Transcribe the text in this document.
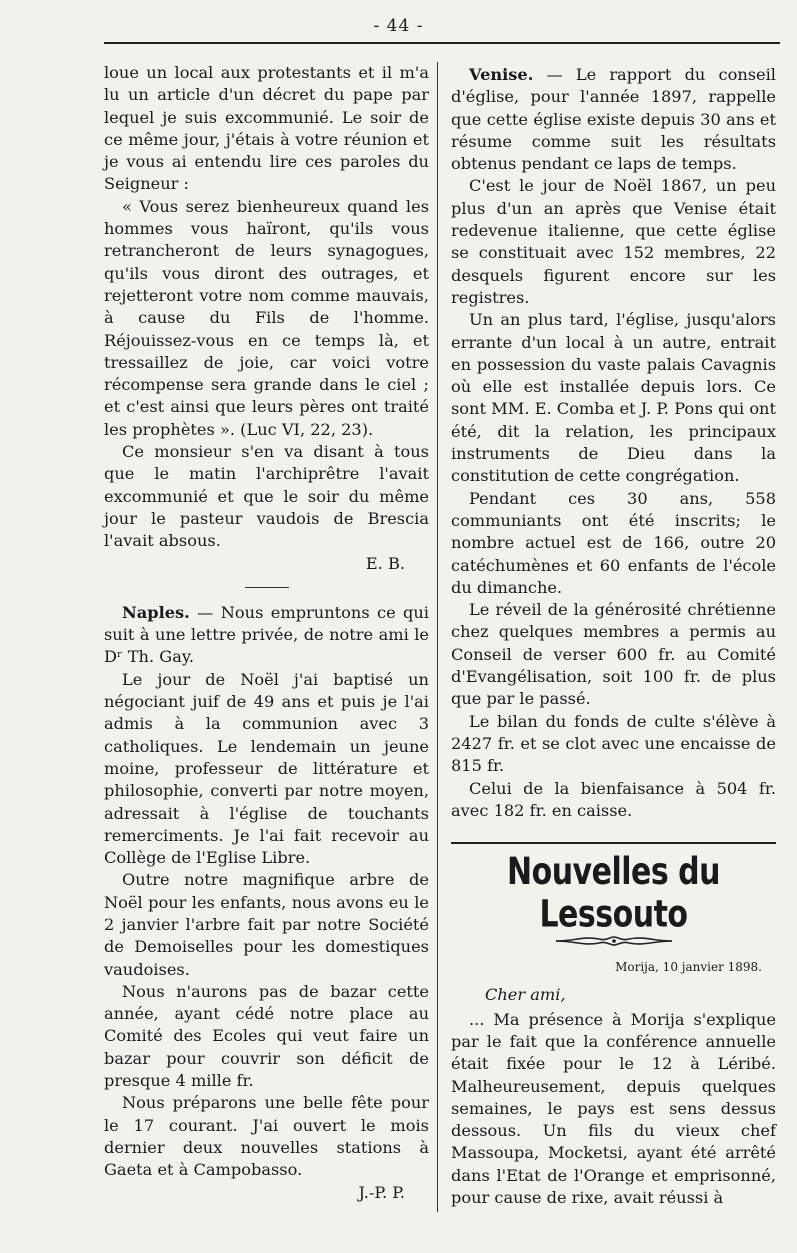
- 44 -

loue un local aux protestants et il m'a lu un article d'un décret du pape par lequel je suis excommunié. Le soir de ce même jour, j'étais à votre réunion et je vous ai entendu lire ces paroles du Seigneur :

« Vous serez bienheureux quand les hommes vous haïront, qu'ils vous retrancheront de leurs synagogues, qu'ils vous diront des outrages, et rejetteront votre nom comme mauvais, à cause du Fils de l'homme. Réjouissez-vous en ce temps là, et tressaillez de joie, car voici votre récompense sera grande dans le ciel ; et c'est ainsi que leurs pères ont traité les prophètes ». (Luc VI, 22, 23).

Ce monsieur s'en va disant à tous que le matin l'archiprêtre l'avait excommunié et que le soir du même jour le pasteur vaudois de Brescia l'avait absous.

E. B.

Naples. — Nous empruntons ce qui suit à une lettre privée, de notre ami le Dʳ Th. Gay.

Le jour de Noël j'ai baptisé un négociant juif de 49 ans et puis je l'ai admis à la communion avec 3 catholiques. Le lendemain un jeune moine, professeur de littérature et philosophie, converti par notre moyen, adressait à l'église de touchants remerciments. Je l'ai fait recevoir au Collège de l'Eglise Libre.

Outre notre magnifique arbre de Noël pour les enfants, nous avons eu le 2 janvier l'arbre fait par notre Société de Demoiselles pour les domestiques vaudoises.

Nous n'aurons pas de bazar cette année, ayant cédé notre place au Comité des Ecoles qui veut faire un bazar pour couvrir son déficit de presque 4 mille fr.

Nous préparons une belle fête pour le 17 courant. J'ai ouvert le mois dernier deux nouvelles stations à Gaeta et à Campobasso.

J.-P. P.

Venise. — Le rapport du conseil d'église, pour l'année 1897, rappelle que cette église existe depuis 30 ans et résume comme suit les résultats obtenus pendant ce laps de temps.

C'est le jour de Noël 1867, un peu plus d'un an après que Venise était redevenue italienne, que cette église se constituait avec 152 membres, 22 desquels figurent encore sur les registres.

Un an plus tard, l'église, jusqu'alors errante d'un local à un autre, entrait en possession du vaste palais Cavagnis où elle est installée depuis lors. Ce sont MM. E. Comba et J. P. Pons qui ont été, dit la relation, les principaux instruments de Dieu dans la constitution de cette congrégation.

Pendant ces 30 ans, 558 communiants ont été inscrits; le nombre actuel est de 166, outre 20 catéchumènes et 60 enfants de l'école du dimanche.

Le réveil de la générosité chrétienne chez quelques membres a permis au Conseil de verser 600 fr. au Comité d'Evangélisation, soit 100 fr. de plus que par le passé.

Le bilan du fonds de culte s'élève à 2427 fr. et se clot avec une encaisse de 815 fr.

Celui de la bienfaisance à 504 fr. avec 182 fr. en caisse.

Nouvelles du Lessouto

Morija, 10 janvier 1898.

Cher ami,

... Ma présence à Morija s'explique par le fait que la conférence annuelle était fixée pour le 12 à Léribé. Malheureusement, depuis quelques semaines, le pays est sens dessus dessous. Un fils du vieux chef Massoupa, Mocketsi, ayant été arrêté dans l'Etat de l'Orange et emprisonné, pour cause de rixe, avait réussi à
